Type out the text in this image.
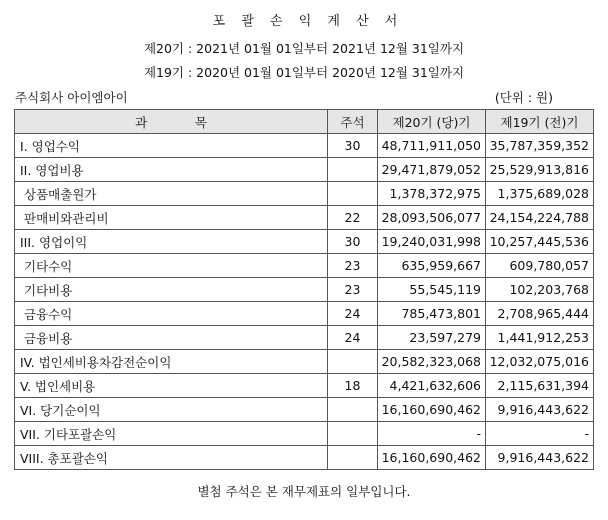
포 괄 손 익 계 산 서
제20기 : 2021년 01월 01일부터 2021년 12월 31일까지
제19기 : 2020년 01월 01일부터 2020년 12월 31일까지
주식회사 아이엠아이	(단위 : 원)
과            목	주석	제20기 (당)기	제19기 (전)기
I. 영업수익	30	48,711,911,050	35,787,359,352
II. 영업비용		29,471,879,052	25,529,913,816
상품매출원가		1,378,372,975	1,375,689,028
판매비와관리비	22	28,093,506,077	24,154,224,788
III. 영업이익	30	19,240,031,998	10,257,445,536
기타수익	23	635,959,667	609,780,057
기타비용	23	55,545,119	102,203,768
금융수익	24	785,473,801	2,708,965,444
금융비용	24	23,597,279	1,441,912,253
IV. 법인세비용차감전순이익		20,582,323,068	12,032,075,016
V. 법인세비용	18	4,421,632,606	2,115,631,394
VI. 당기순이익		16,160,690,462	9,916,443,622
VII. 기타포괄손익		-	-
VIII. 총포괄손익		16,160,690,462	9,916,443,622
별첨 주석은 본 재무제표의 일부입니다.
